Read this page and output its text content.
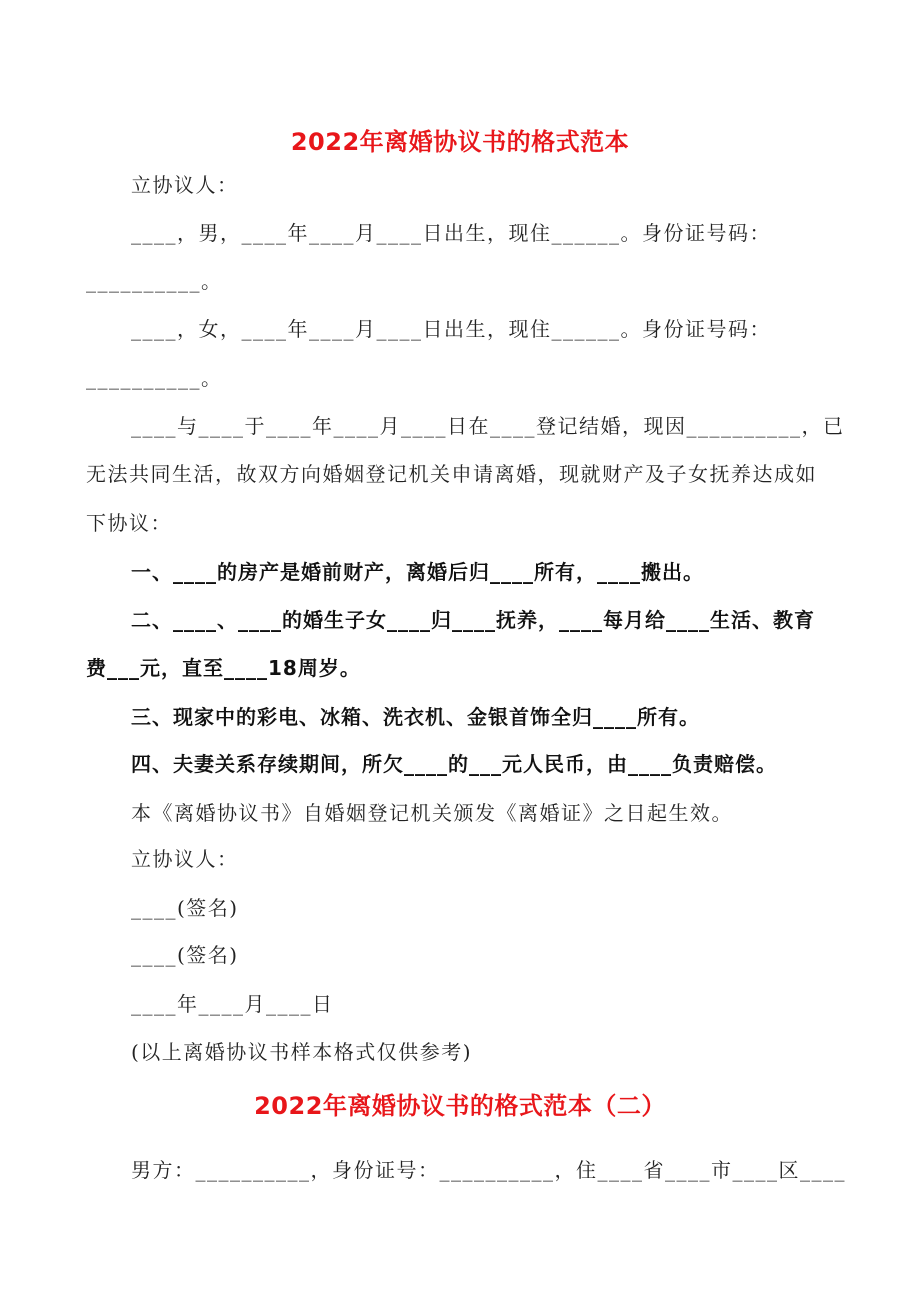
2022年离婚协议书的格式范本
立协议人：
____，男，____年____月____日出生，现住______。身份证号码：
__________。
____，女，____年____月____日出生，现住______。身份证号码：
__________。
____与____于____年____月____日在____登记结婚，现因__________，已
无法共同生活，故双方向婚姻登记机关申请离婚，现就财产及子女抚养达成如
下协议：
一、____的房产是婚前财产，离婚后归____所有，____搬出。
二、____、____的婚生子女____归____抚养，____每月给____生活、教育
费___元，直至____18周岁。
三、现家中的彩电、冰箱、洗衣机、金银首饰全归____所有。
四、夫妻关系存续期间，所欠____的___元人民币，由____负责赔偿。
本《离婚协议书》自婚姻登记机关颁发《离婚证》之日起生效。
立协议人：
____(签名)
____(签名)
____年____月____日
(以上离婚协议书样本格式仅供参考)
2022年离婚协议书的格式范本（二）
男方：__________，身份证号：__________，住____省____市____区____
